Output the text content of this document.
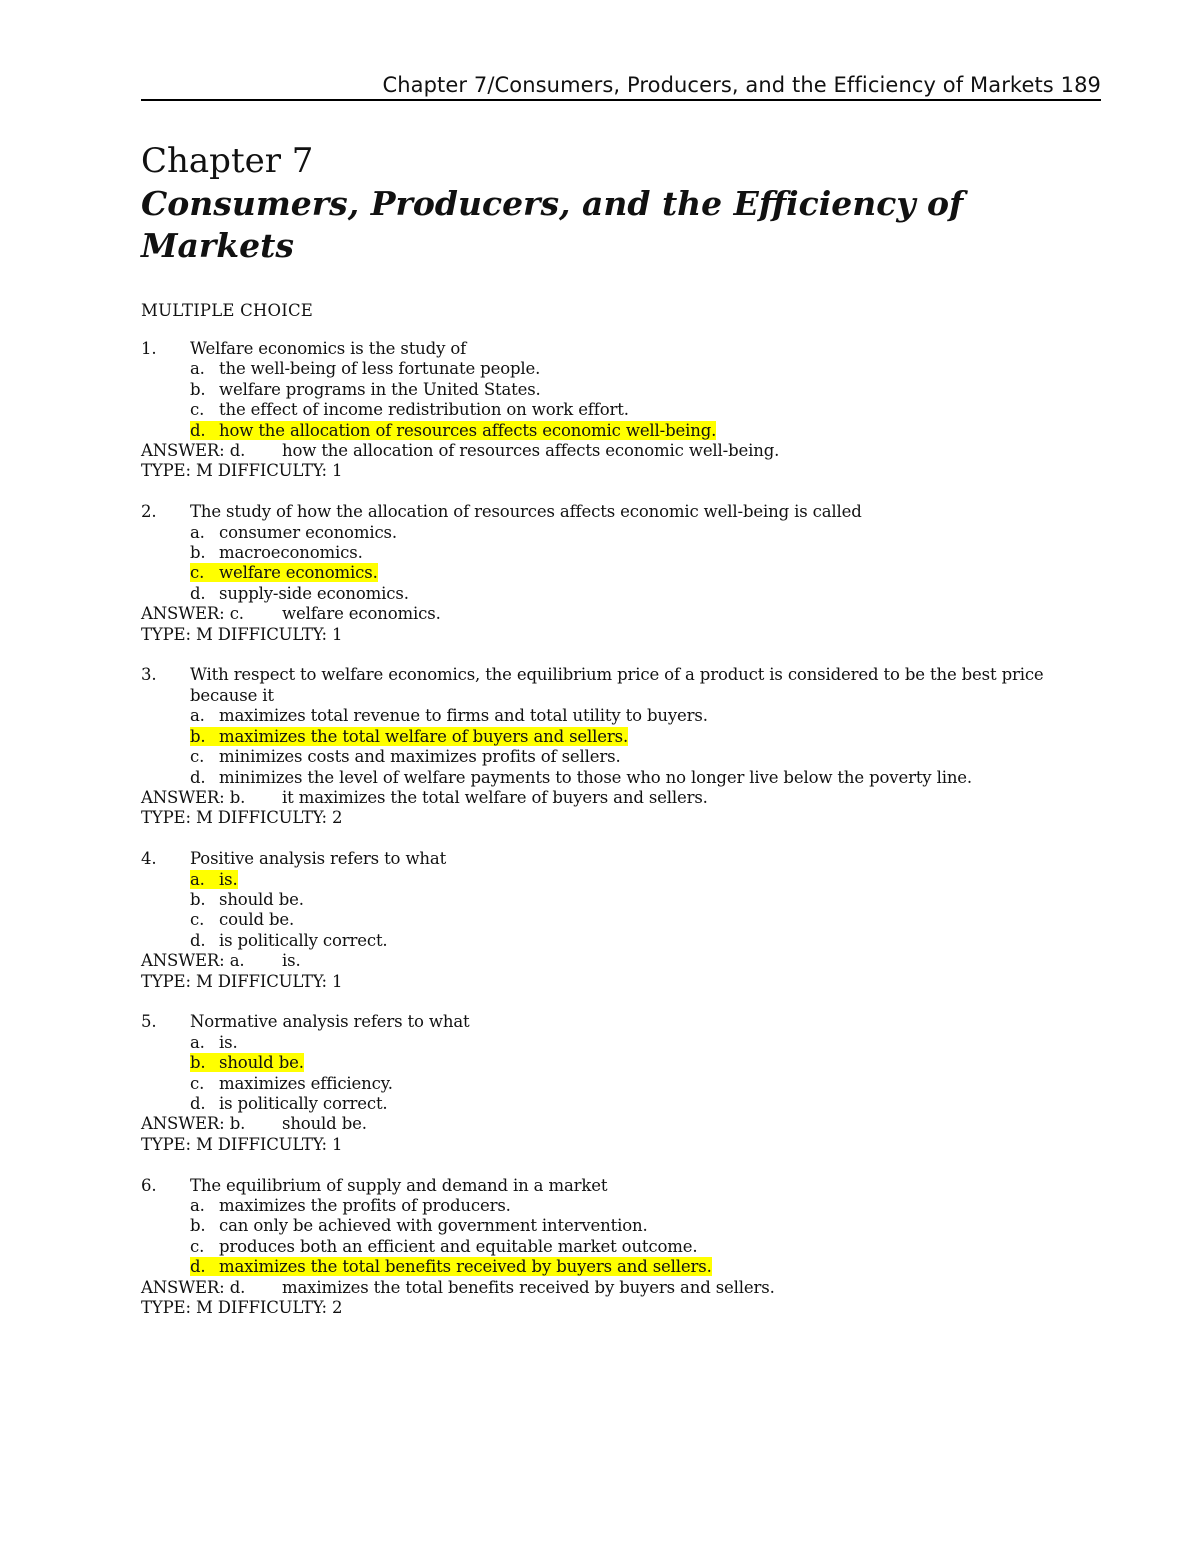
Chapter 7/Consumers, Producers, and the Efficiency of Markets 189
Chapter 7
Consumers, Producers, and the Efficiency of Markets
MULTIPLE CHOICE
1.	Welfare economics is the study of
a. the well-being of less fortunate people.
b. welfare programs in the United States.
c. the effect of income redistribution on work effort.
d. how the allocation of resources affects economic well-being.
ANSWER: d. how the allocation of resources affects economic well-being.
TYPE: M DIFFICULTY: 1
2.	The study of how the allocation of resources affects economic well-being is called
a. consumer economics.
b. macroeconomics.
c. welfare economics.
d. supply-side economics.
ANSWER: c. welfare economics.
TYPE: M DIFFICULTY: 1
3.	With respect to welfare economics, the equilibrium price of a product is considered to be the best price because it
a. maximizes total revenue to firms and total utility to buyers.
b. maximizes the total welfare of buyers and sellers.
c. minimizes costs and maximizes profits of sellers.
d. minimizes the level of welfare payments to those who no longer live below the poverty line.
ANSWER: b. it maximizes the total welfare of buyers and sellers.
TYPE: M DIFFICULTY: 2
4.	Positive analysis refers to what
a. is.
b. should be.
c. could be.
d. is politically correct.
ANSWER: a. is.
TYPE: M DIFFICULTY: 1
5.	Normative analysis refers to what
a. is.
b. should be.
c. maximizes efficiency.
d. is politically correct.
ANSWER: b. should be.
TYPE: M DIFFICULTY: 1
6.	The equilibrium of supply and demand in a market
a. maximizes the profits of producers.
b. can only be achieved with government intervention.
c. produces both an efficient and equitable market outcome.
d. maximizes the total benefits received by buyers and sellers.
ANSWER: d. maximizes the total benefits received by buyers and sellers.
TYPE: M DIFFICULTY: 2
